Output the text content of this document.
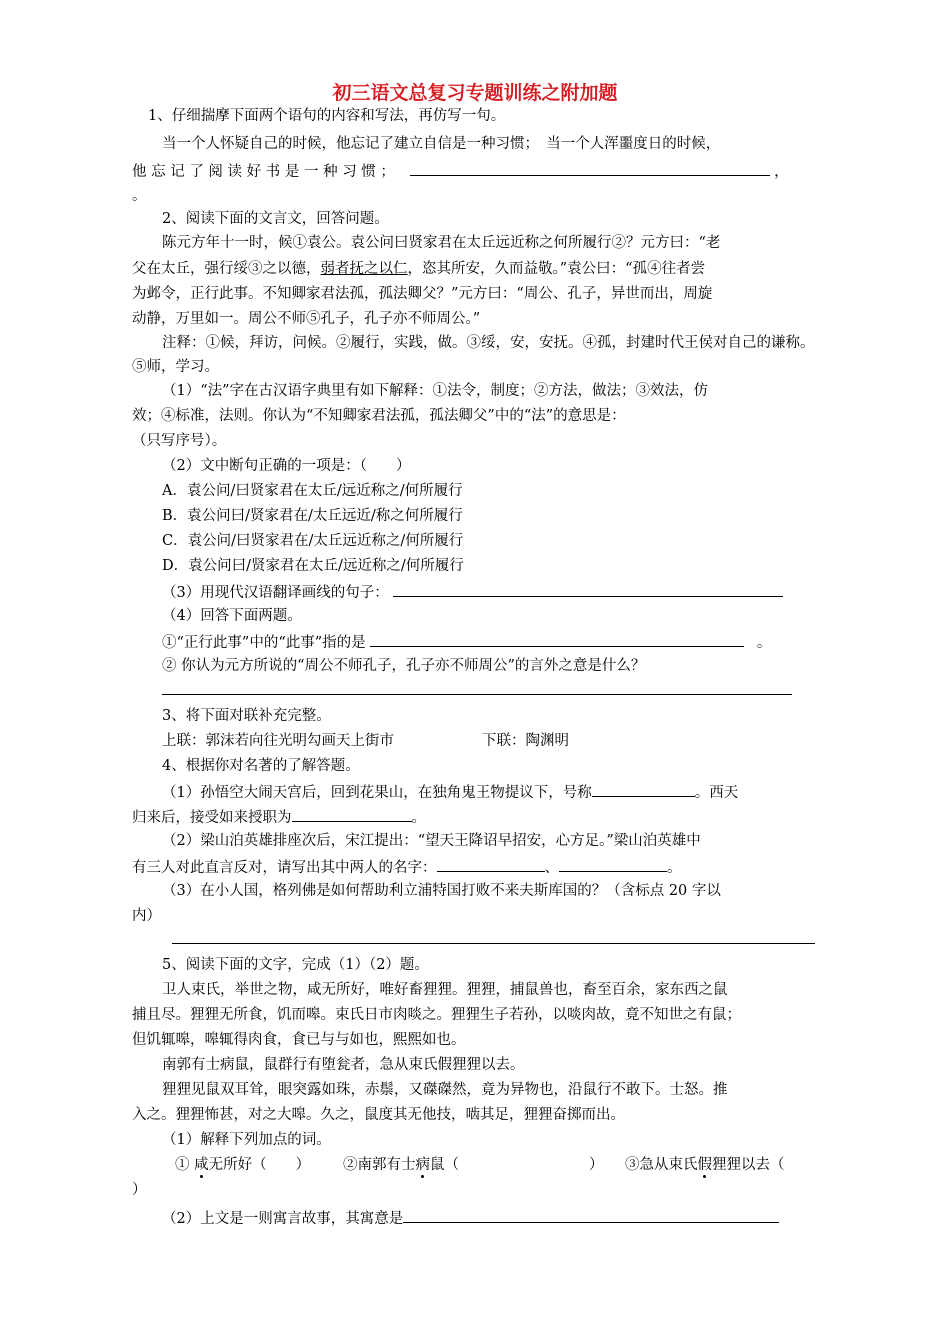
初三语文总复习专题训练之附加题
1、仔细揣摩下面两个语句的内容和写法，再仿写一句。
当一个人怀疑自己的时候，他忘记了建立自信是一种习惯；　当一个人浑噩度日的时候，
他 忘 记 了 阅 读 好 书 是 一 种 习 惯 ；	，
。
2、阅读下面的文言文，回答问题。
陈元方年十一时，候①袁公。袁公问曰贤家君在太丘远近称之何所履行②？元方曰：“老
父在太丘，强行绥③之以德，弱者抚之以仁，恣其所安，久而益敬。”袁公曰：“孤④往者尝
为邺令，正行此事。不知卿家君法孤，孤法卿父？”元方曰：“周公、孔子，异世而出，周旋
动静，万里如一。周公不师⑤孔子，孔子亦不师周公。”
注释：①候，拜访，问候。②履行，实践，做。③绥，安，安抚。④孤，封建时代王侯对自己的谦称。
⑤师，学习。
（1）“法”字在古汉语字典里有如下解释：①法令，制度；②方法，做法；③效法，仿
效；④标准，法则。你认为“不知卿家君法孤，孤法卿父”中的“法”的意思是：
（只写序号）。
（2）文中断句正确的一项是：（　　）
A．袁公问/曰贤家君在太丘/远近称之/何所履行
B．袁公问曰/贤家君在/太丘远近/称之何所履行
C．袁公问/曰贤家君在/太丘远近称之/何所履行
D．袁公问曰/贤家君在太丘/远近称之/何所履行
（3）用现代汉语翻译画线的句子：
（4）回答下面两题。
①“正行此事”中的“此事”指的是	。
② 你认为元方所说的“周公不师孔子，孔子亦不师周公”的言外之意是什么？
3、将下面对联补充完整。
上联：郭沫若向往光明勾画天上街市	下联：陶渊明
4、根据你对名著的了解答题。
（1）孙悟空大闹天宫后，回到花果山，在独角鬼王物提议下，号称	。西天
归来后，接受如来授职为	。
（2）梁山泊英雄排座次后，宋江提出：“望天王降诏早招安，心方足。”梁山泊英雄中
有三人对此直言反对，请写出其中两人的名字：	、	。
（3）在小人国，格列佛是如何帮助利立浦特国打败不来夫斯库国的？（含标点 20 字以
内）
5、阅读下面的文字，完成（1）（2）题。
卫人束氏，举世之物，咸无所好，唯好畜狸狸。狸狸，捕鼠兽也，畜至百余，家东西之鼠
捕且尽。狸狸无所食，饥而嗥。束氏日市肉啖之。狸狸生子若孙，以啖肉故，竟不知世之有鼠；
但饥辄嗥，嗥辄得肉食，食已与与如也，熙熙如也。
南郭有士病鼠，鼠群行有堕瓮者，急从束氏假狸狸以去。
狸狸见鼠双耳耸，眼突露如珠，赤鬃，又磔磔然，竟为异物也，沿鼠行不敢下。士怒。推
入之。狸狸怖甚，对之大嗥。久之，鼠度其无他技，啮其足，狸狸奋掷而出。
（1）解释下列加点的词。
① 咸无所好（　　） ②南郭有士病鼠（	） ③急从束氏假狸狸以去（
）
（2）上文是一则寓言故事，其寓意是
